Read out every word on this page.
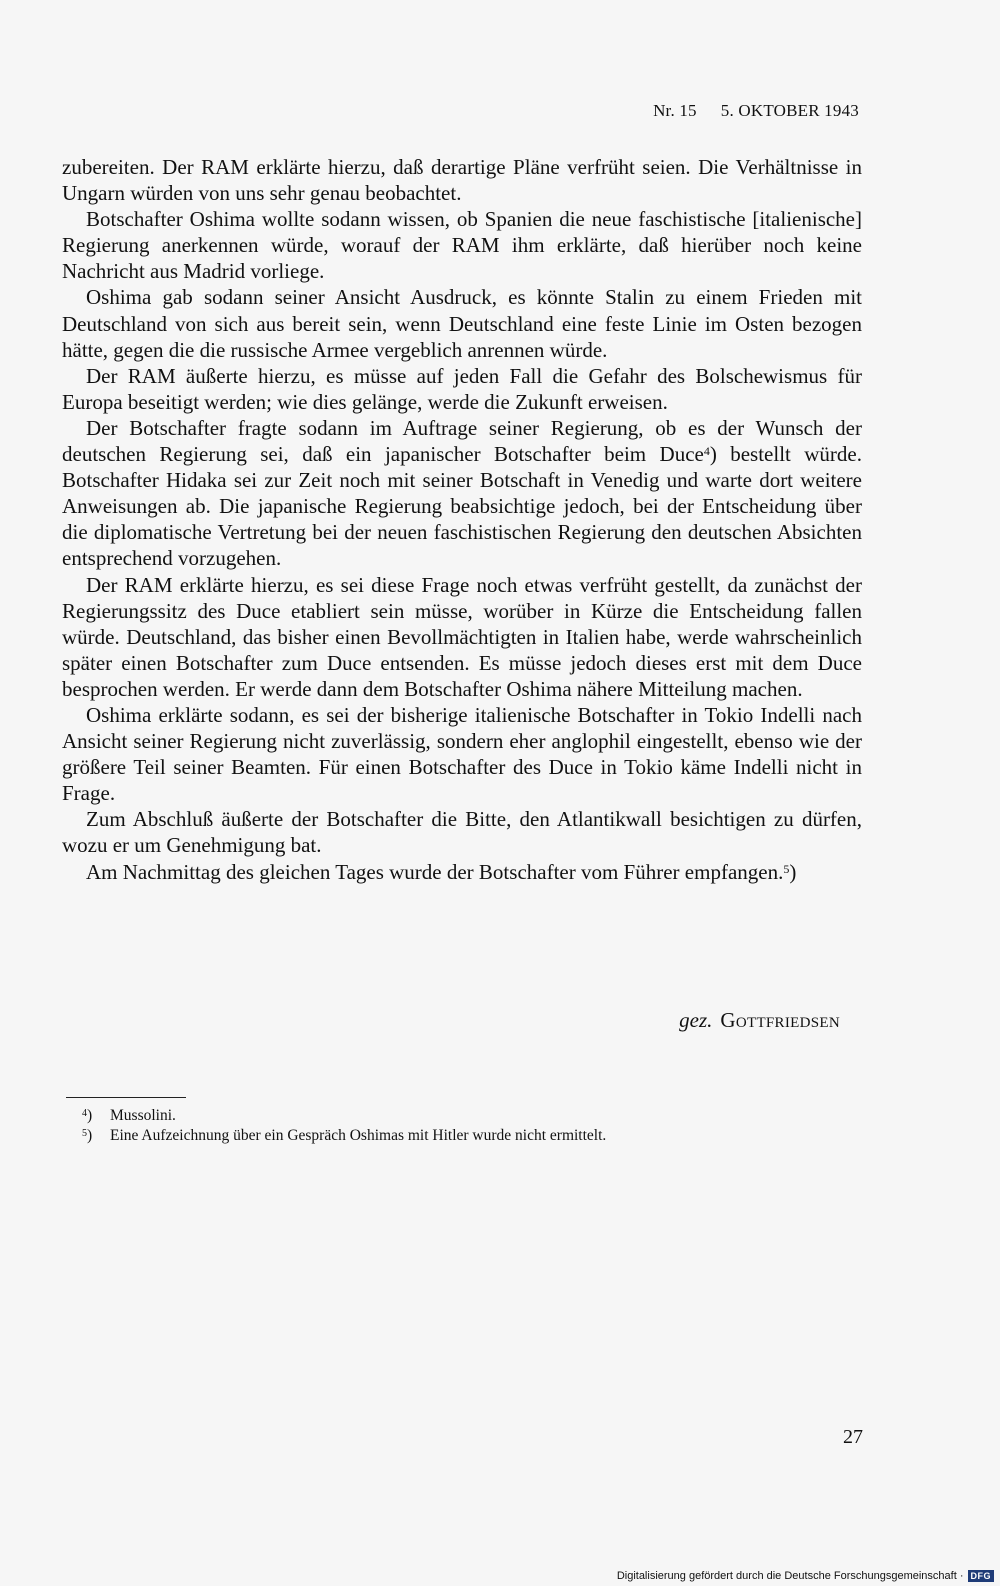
Nr. 15 5. OKTOBER 1943

zubereiten. Der RAM erklärte hierzu, daß derartige Pläne verfrüht seien. Die Verhältnisse in Ungarn würden von uns sehr genau beobachtet.

Botschafter Oshima wollte sodann wissen, ob Spanien die neue faschistische [italienische] Regierung anerkennen würde, worauf der RAM ihm erklärte, daß hierüber noch keine Nachricht aus Madrid vorliege.

Oshima gab sodann seiner Ansicht Ausdruck, es könnte Stalin zu einem Frieden mit Deutschland von sich aus bereit sein, wenn Deutschland eine feste Linie im Osten bezogen hätte, gegen die die russische Armee vergeblich anrennen würde.

Der RAM äußerte hierzu, es müsse auf jeden Fall die Gefahr des Bolschewismus für Europa beseitigt werden; wie dies gelänge, werde die Zukunft erweisen.

Der Botschafter fragte sodann im Auftrage seiner Regierung, ob es der Wunsch der deutschen Regierung sei, daß ein japanischer Botschafter beim Duce$^4$) bestellt würde. Botschafter Hidaka sei zur Zeit noch mit seiner Botschaft in Venedig und warte dort weitere Anweisungen ab. Die japanische Regierung beabsichtige jedoch, bei der Entscheidung über die diplomatische Vertretung bei der neuen faschistischen Regierung den deutschen Absichten entsprechend vorzugehen.

Der RAM erklärte hierzu, es sei diese Frage noch etwas verfrüht gestellt, da zunächst der Regierungssitz des Duce etabliert sein müsse, worüber in Kürze die Entscheidung fallen würde. Deutschland, das bisher einen Bevollmächtigten in Italien habe, werde wahrscheinlich später einen Botschafter zum Duce entsenden. Es müsse jedoch dieses erst mit dem Duce besprochen werden. Er werde dann dem Botschafter Oshima nähere Mitteilung machen.

Oshima erklärte sodann, es sei der bisherige italienische Botschafter in Tokio Indelli nach Ansicht seiner Regierung nicht zuverlässig, sondern eher anglophil eingestellt, ebenso wie der größere Teil seiner Beamten. Für einen Botschafter des Duce in Tokio käme Indelli nicht in Frage.

Zum Abschluß äußerte der Botschafter die Bitte, den Atlantikwall besichtigen zu dürfen, wozu er um Genehmigung bat.

Am Nachmittag des gleichen Tages wurde der Botschafter vom Führer empfangen.$^5$)

gez. Gottfriedsen
$^4$) Mussolini.
$^5$) Eine Aufzeichnung über ein Gespräch Oshimas mit Hitler wurde nicht ermittelt.
27
Digitalisierung gefördert durch die Deutsche Forschungsgemeinschaft · DFG
